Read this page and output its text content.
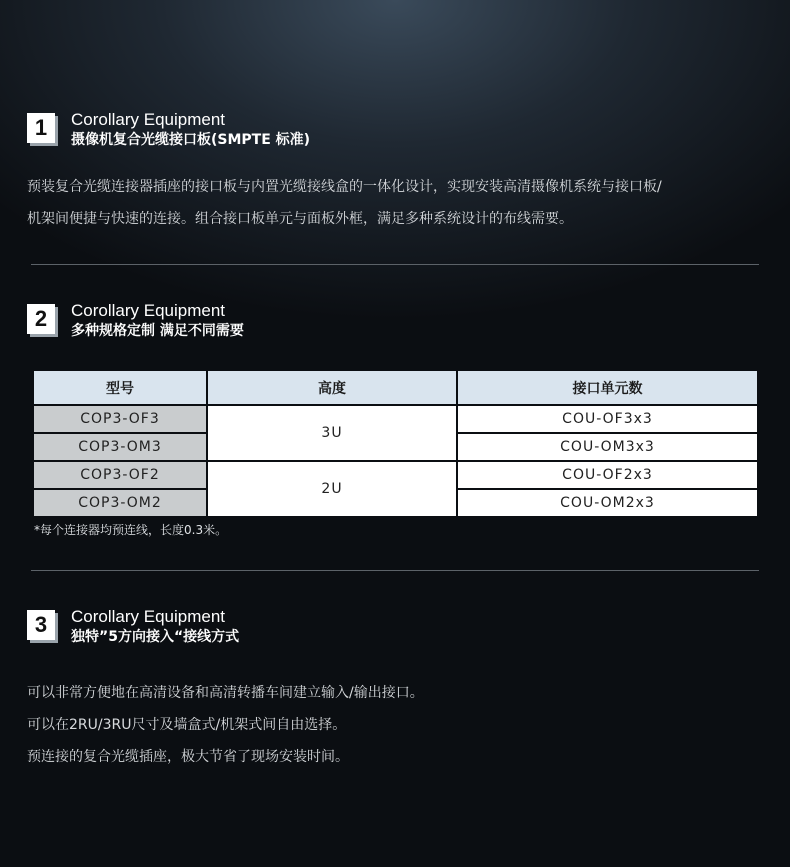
1	Corollary Equipment
摄像机复合光缆接口板(SMPTE 标准)
预装复合光缆连接器插座的接口板与内置光缆接线盒的一体化设计，实现安装高清摄像机系统与接口板/
机架间便捷与快速的连接。组合接口板单元与面板外框，满足多种系统设计的布线需要。
2	Corollary Equipment
多种规格定制 满足不同需要
型号	高度	接口单元数
COP3-OF3	3U	COU-OF3x3
COP3-OM3		COU-OM3x3
COP3-OF2	2U	COU-OF2x3
COP3-OM2		COU-OM2x3
*每个连接器均预连线，长度0.3米。
3	Corollary Equipment
独特”5方向接入“接线方式
可以非常方便地在高清设备和高清转播车间建立输入/输出接口。
可以在2RU/3RU尺寸及墙盒式/机架式间自由选择。
预连接的复合光缆插座，极大节省了现场安装时间。
